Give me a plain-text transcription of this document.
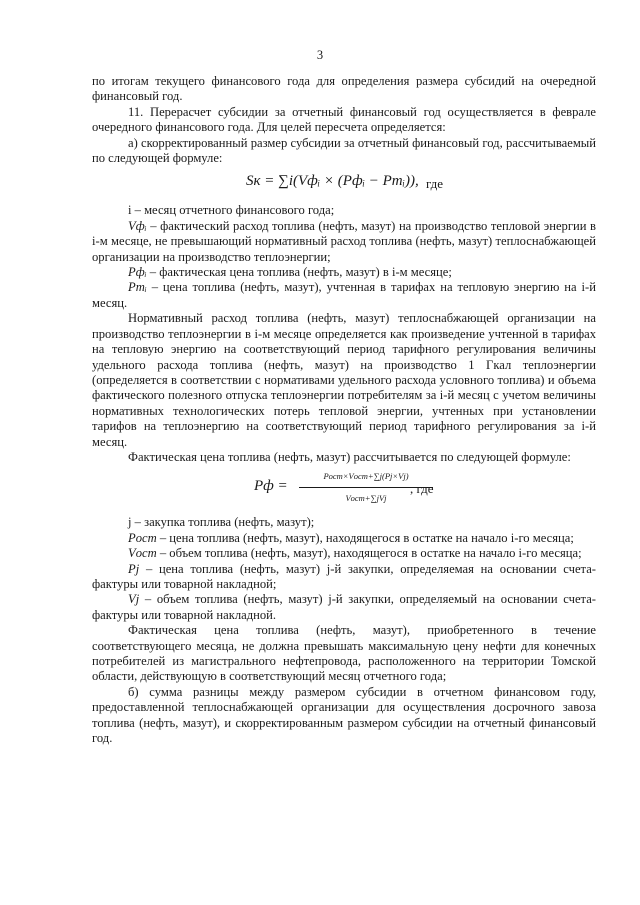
3

по итогам текущего финансового года для определения размера субсидий на очередной финансовый год.

11. Перерасчет субсидии за отчетный финансовый год осуществляется в феврале очередного финансового года. Для целей пересчета определяется:

а) скорректированный размер субсидии за отчетный финансовый год, рассчитываемый по следующей формуле:

Sк = ∑i(Vфᵢ × (Pфᵢ − Pтᵢ)), где

i – месяц отчетного финансового года;

Vфᵢ – фактический расход топлива (нефть, мазут) на производство тепловой энергии в i-м месяце, не превышающий нормативный расход топлива (нефть, мазут) теплоснабжающей организации на производство теплоэнергии;

Pфᵢ – фактическая цена топлива (нефть, мазут) в i-м месяце;

Pтᵢ – цена топлива (нефть, мазут), учтенная в тарифах на тепловую энергию на i-й месяц.

Нормативный расход топлива (нефть, мазут) теплоснабжающей организации на производство теплоэнергии в i-м месяце определяется как произведение учтенной в тарифах на тепловую энергию на соответствующий период тарифного регулирования величины удельного расхода топлива (нефть, мазут) на производство 1 Гкал теплоэнергии (определяется в соответствии с нормативами удельного расхода условного топлива) и объема фактического полезного отпуска теплоэнергии потребителям за i-й месяц с учетом величины нормативных технологических потерь тепловой энергии, учтенных при установлении тарифов на теплоэнергию на соответствующий период тарифного регулирования за i-й месяц.

Фактическая цена топлива (нефть, мазут) рассчитывается по следующей формуле:

Pф =
Pост×Vост+∑j(Pj×Vj)
Vост+∑jVj
, где

j – закупка топлива (нефть, мазут);

Pост – цена топлива (нефть, мазут), находящегося в остатке на начало i-го месяца;

Vост – объем топлива (нефть, мазут), находящегося в остатке на начало i-го месяца;

Pj – цена топлива (нефть, мазут) j-й закупки, определяемая на основании счета-фактуры или товарной накладной;

Vj – объем топлива (нефть, мазут) j-й закупки, определяемый на основании счета-фактуры или товарной накладной.

Фактическая цена топлива (нефть, мазут), приобретенного в течение соответствующего месяца, не должна превышать максимальную цену нефти для конечных потребителей из магистрального нефтепровода, расположенного на территории Томской области, действующую в соответствующий месяц отчетного года;

б) сумма разницы между размером субсидии в отчетном финансовом году, предоставленной теплоснабжающей организации для осуществления досрочного завоза топлива (нефть, мазут), и скорректированным размером субсидии на отчетный финансовый год.
